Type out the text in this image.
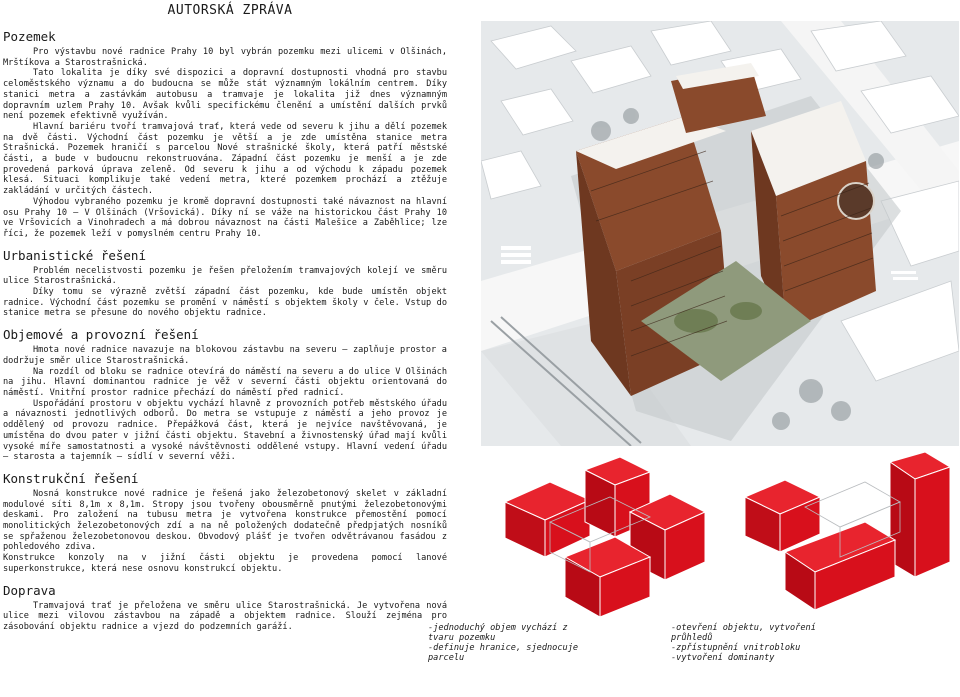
AUTORSKÁ ZPRÁVA
Pozemek

Pro výstavbu nové radnice Prahy 10 byl vybrán pozemku mezi ulicemi v Olšinách, Mrštíkova a Starostrašnická.

Tato lokalita je díky své dispozici a dopravní dostupnosti vhodná pro stavbu celoměstského významu a do budoucna se může stát významným lokálním centrem. Díky stanici metra a zastávkám autobusu a tramvaje je lokalita již dnes významným dopravním uzlem Prahy 10. Avšak kvůli specifickému členění a umístění dalších prvků není pozemek efektivně využíván.

Hlavní bariéru tvoří tramvajová trať, která vede od severu k jihu a dělí pozemek na dvě části. Východní část pozemku je větší a je zde umístěna stanice metra Strašnická. Pozemek hraničí s parcelou Nové strašnické školy, která patří městské části, a bude v budoucnu rekonstruována. Západní část pozemku je menší a je zde provedená parková úprava zeleně. Od severu k jihu a od východu k západu pozemek klesá. Situaci komplikuje také vedení metra, které pozemkem prochází a ztěžuje zakládání v určitých částech.

Výhodou vybraného pozemku je kromě dopravní dostupnosti také návaznost na hlavní osu Prahy 10 – V Olšinách (Vršovická). Díky ní se váže na historickou část Prahy 10 ve Vršovicích a Vinohradech a má dobrou návaznost na části Malešice a Zaběhlice; lze říci, že pozemek leží v pomyslném centru Prahy 10.

Urbanistické řešení

Problém necelistvosti pozemku je řešen přeložením tramvajových kolejí ve směru ulice Starostrašnická.

Díky tomu se výrazně zvětší západní část pozemku, kde bude umístěn objekt radnice. Východní část pozemku se promění v náměstí s objektem školy v čele. Vstup do stanice metra se přesune do nového objektu radnice.

Objemové a provozní řešení

Hmota nové radnice navazuje na blokovou zástavbu na severu – zaplňuje prostor a dodržuje směr ulice Starostrašnická.

Na rozdíl od bloku se radnice otevírá do náměstí na severu a do ulice V Olšinách na jihu. Hlavní dominantou radnice je věž v severní části objektu orientovaná do náměstí. Vnitřní prostor radnice přechází do náměstí před radnicí.

Uspořádání prostoru v objektu vychází hlavně z provozních potřeb městského úřadu a návaznosti jednotlivých odborů. Do metra se vstupuje z náměstí a jeho provoz je oddělený od provozu radnice. Přepážková část, která je nejvíce navštěvovaná, je umístěna do dvou pater v jižní části objektu. Stavební a živnostenský úřad mají kvůli vysoké míře samostatnosti a vysoké návštěvnosti oddělené vstupy. Hlavní vedení úřadu – starosta a tajemník – sídlí v severní věži.

Konstrukční řešení

Nosná konstrukce nové radnice je řešená jako železobetonový skelet v základní modulové síti 8,1m x 8,1m. Stropy jsou tvořeny obousměrně pnutými železobetonovými deskami. Pro založení na tubusu metra je vytvořena konstrukce přemostění pomocí monolitických železobetonových zdí a na ně položených dodatečně předpjatých nosníků se spřaženou železobetonovou deskou. Obvodový plášť je tvořen odvětrávanou fasádou z pohledového zdiva.

Konstrukce konzoly na v jižní části objektu je provedena pomocí lanové superkonstrukce, která nese osnovu konstrukcí objektu.

Doprava

Tramvajová trať je přeložena ve směru ulice Starostrašnická. Je vytvořena nová ulice mezi vilovou zástavbou na západě a objektem radnice. Slouží zejména pro zásobování objektu radnice a vjezd do podzemních garáží.	-jednoduchý objem vychází z
tvaru pozemku
-definuje hranice, sjednocuje
parcelu
-otevření objektu, vytvoření
průhledů
-zpřístupnění vnitrobloku
-vytvoření dominanty
